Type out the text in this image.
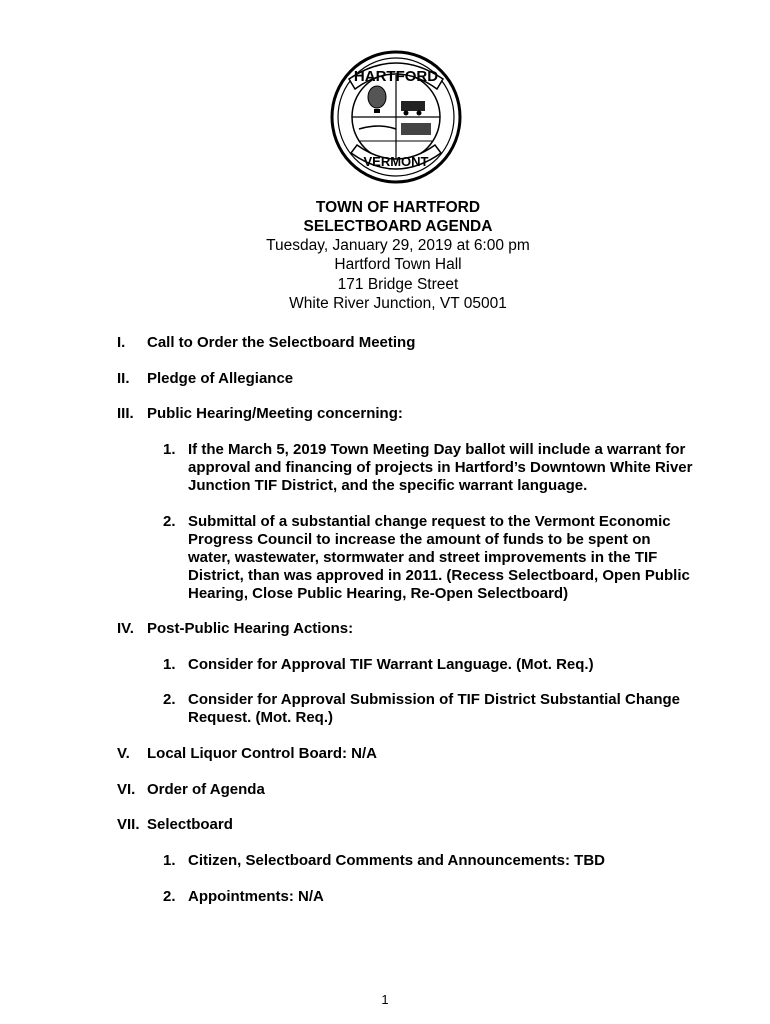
HARTFORD
VERMONT
TOWN OF HARTFORD
SELECTBOARD AGENDA
Tuesday, January 29, 2019 at 6:00 pm
Hartford Town Hall
171 Bridge Street
White River Junction, VT 05001
I.	Call to Order the Selectboard Meeting
II.	Pledge of Allegiance
III. Public Hearing/Meeting concerning:
1. If the March 5, 2019 Town Meeting Day ballot will include a warrant for
approval and financing of projects in Hartford’s Downtown White River
Junction TIF District, and the specific warrant language.
2. Submittal of a substantial change request to the Vermont Economic
Progress Council to increase the amount of funds to be spent on
water, wastewater, stormwater and street improvements in the TIF
District, than was approved in 2011. (Recess Selectboard, Open Public
Hearing, Close Public Hearing, Re-Open Selectboard)
IV. Post-Public Hearing Actions:
1. Consider for Approval TIF Warrant Language. (Mot. Req.)
2. Consider for Approval Submission of TIF District Substantial Change
Request. (Mot. Req.)
V.	Local Liquor Control Board: N/A
VI. Order of Agenda
VII. Selectboard
1. Citizen, Selectboard Comments and Announcements: TBD
2. Appointments: N/A
1
